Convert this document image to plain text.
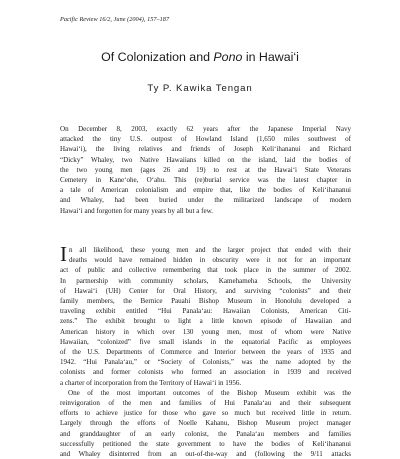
Pacific Review 16/2, June (2004), 157–187
Of Colonization and Pono in Hawai‘i
Ty P. Kawika Tengan
On December 8, 2003, exactly 62 years after the Japanese Imperial Navy
attacked the tiny U.S. outpost of Howland Island (1,650 miles southwest of
Hawai‘i), the living relatives and friends of Joseph Keli‘ihananui and Richard
“Dicky” Whaley, two Native Hawaiians killed on the island, laid the bodies of
the two young men (ages 26 and 19) to rest at the Hawai‘i State Veterans
Cemetery in Kane‘ohe, O‘ahu. This (re)burial service was the latest chapter in
a tale of American colonialism and empire that, like the bodies of Keli‘ihananui
and Whaley, had been buried under the militarized landscape of modern
Hawai‘i and forgotten for many years by all but a few.
I n all likelihood, these young men and the larger project that ended with their
deaths would have remained hidden in obscurity were it not for an important
act of public and collective remembering that took place in the summer of 2002.
In partnership with community scholars, Kamehameha Schools, the University
of Hawai‘i (UH) Center for Oral History, and surviving “colonists” and their
family members, the Bernice Pauahi Bishop Museum in Honolulu developed a
traveling exhibit entitled “Hui Panala‘au: Hawaiian Colonists, American Citi-
zens.” The exhibit brought to light a little known episode of Hawaiian and
American history in which over 130 young men, most of whom were Native
Hawaiian, “colonized” five small islands in the equatorial Pacific as employees
of the U.S. Departments of Commerce and Interior between the years of 1935 and
1942. “Hui Panala‘au,” or “Society of Colonists,” was the name adopted by the
colonists and former colonists who formed an association in 1939 and received
a charter of incorporation from the Territory of Hawai‘i in 1956.
One of the most important outcomes of the Bishop Museum exhibit was the
reinvigoration of the men and families of Hui Panala‘au and their subsequent
efforts to achieve justice for those who gave so much but received little in return.
Largely through the efforts of Noelle Kahanu, Bishop Museum project manager
and granddaughter of an early colonist, the Panala‘au members and families
successfully petitioned the state government to have the bodies of Keli‘ihananui
and Whaley disinterred from an out-of-the-way and (following the 9/11 attacks
